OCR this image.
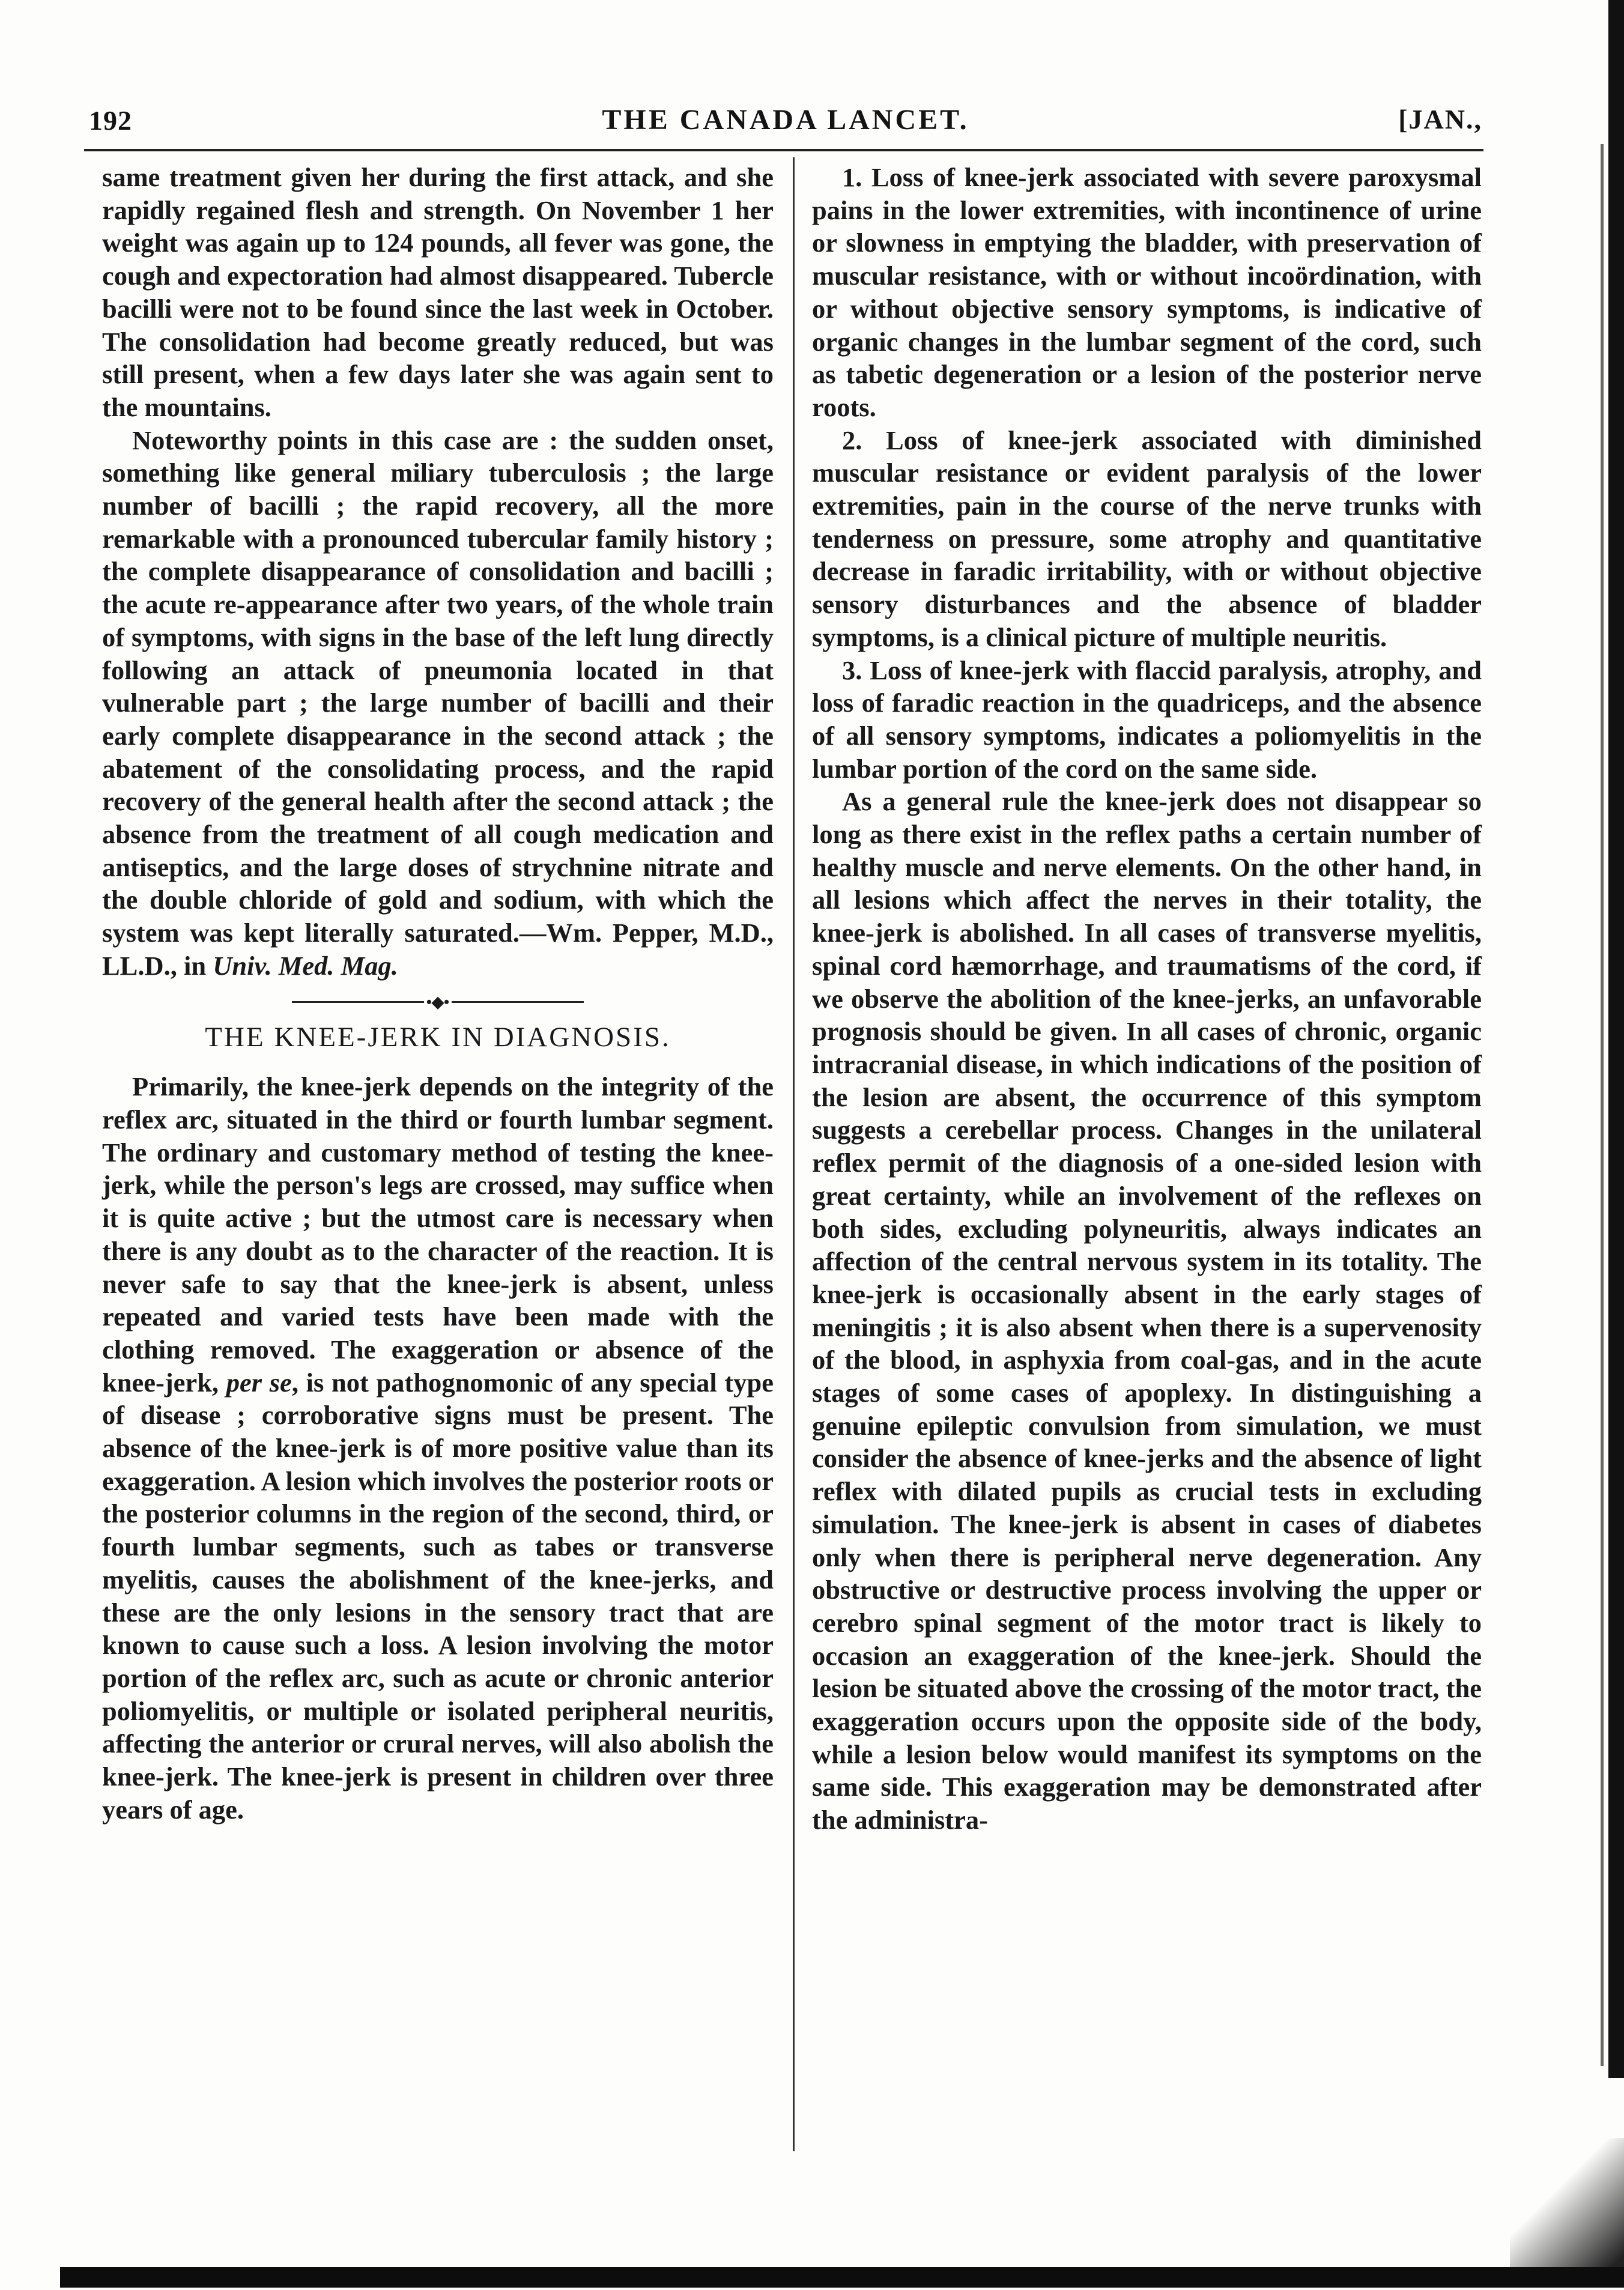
192	THE CANADA LANCET.	[JAN.,

same treatment given her during the first attack, and she rapidly regained flesh and strength. On November 1 her weight was again up to 124 pounds, all fever was gone, the cough and expectoration had almost disappeared. Tubercle bacilli were not to be found since the last week in October. The consolidation had become greatly reduced, but was still present, when a few days later she was again sent to the mountains.

Noteworthy points in this case are : the sudden onset, something like general miliary tuberculosis ; the large number of bacilli ; the rapid recovery, all the more remarkable with a pronounced tubercular family history ; the complete disappearance of consolidation and bacilli ; the acute re-appearance after two years, of the whole train of symptoms, with signs in the base of the left lung directly following an attack of pneumonia located in that vulnerable part ; the large number of bacilli and their early complete disappearance in the second attack ; the abatement of the consolidating process, and the rapid recovery of the general health after the second attack ; the absence from the treatment of all cough medication and antiseptics, and the large doses of strychnine nitrate and the double chloride of gold and sodium, with which the system was kept literally saturated.—Wm. Pepper, M.D., LL.D., in Univ. Med. Mag.

•◆•
THE KNEE-JERK IN DIAGNOSIS.

Primarily, the knee-jerk depends on the integrity of the reflex arc, situated in the third or fourth lumbar segment. The ordinary and customary method of testing the knee-jerk, while the person's legs are crossed, may suffice when it is quite active ; but the utmost care is necessary when there is any doubt as to the character of the reaction. It is never safe to say that the knee-jerk is absent, unless repeated and varied tests have been made with the clothing removed. The exaggeration or absence of the knee-jerk, per se, is not pathognomonic of any special type of disease ; corroborative signs must be present. The absence of the knee-jerk is of more positive value than its exaggeration. A lesion which involves the posterior roots or the posterior columns in the region of the second, third, or fourth lumbar segments, such as tabes or transverse myelitis, causes the abolishment of the knee-jerks, and these are the only lesions in the sensory tract that are known to cause such a loss. A lesion involving the motor portion of the reflex arc, such as acute or chronic anterior poliomyelitis, or multiple or isolated peripheral neuritis, affecting the anterior or crural nerves, will also abolish the knee-jerk. The knee-jerk is present in children over three years of age.

1. Loss of knee-jerk associated with severe paroxysmal pains in the lower extremities, with incontinence of urine or slowness in emptying the bladder, with preservation of muscular resistance, with or without incoördination, with or without objective sensory symptoms, is indicative of organic changes in the lumbar segment of the cord, such as tabetic degeneration or a lesion of the posterior nerve roots.

2. Loss of knee-jerk associated with diminished muscular resistance or evident paralysis of the lower extremities, pain in the course of the nerve trunks with tenderness on pressure, some atrophy and quantitative decrease in faradic irritability, with or without objective sensory disturbances and the absence of bladder symptoms, is a clinical picture of multiple neuritis.

3. Loss of knee-jerk with flaccid paralysis, atrophy, and loss of faradic reaction in the quadriceps, and the absence of all sensory symptoms, indicates a poliomyelitis in the lumbar portion of the cord on the same side.

As a general rule the knee-jerk does not disappear so long as there exist in the reflex paths a certain number of healthy muscle and nerve elements. On the other hand, in all lesions which affect the nerves in their totality, the knee-jerk is abolished. In all cases of transverse myelitis, spinal cord hæmorrhage, and traumatisms of the cord, if we observe the abolition of the knee-jerks, an unfavorable prognosis should be given. In all cases of chronic, organic intracranial disease, in which indications of the position of the lesion are absent, the occurrence of this symptom suggests a cerebellar process. Changes in the unilateral reflex permit of the diagnosis of a one-sided lesion with great certainty, while an involvement of the reflexes on both sides, excluding polyneuritis, always indicates an affection of the central nervous system in its totality. The knee-jerk is occasionally absent in the early stages of meningitis ; it is also absent when there is a supervenosity of the blood, in asphyxia from coal-gas, and in the acute stages of some cases of apoplexy. In distinguishing a genuine epileptic convulsion from simulation, we must consider the absence of knee-jerks and the absence of light reflex with dilated pupils as crucial tests in excluding simulation. The knee-jerk is absent in cases of diabetes only when there is peripheral nerve degeneration. Any obstructive or destructive process involving the upper or cerebro spinal segment of the motor tract is likely to occasion an exaggeration of the knee-jerk. Should the lesion be situated above the crossing of the motor tract, the exaggeration occurs upon the opposite side of the body, while a lesion below would manifest its symptoms on the same side. This exaggeration may be demonstrated after the administra-
